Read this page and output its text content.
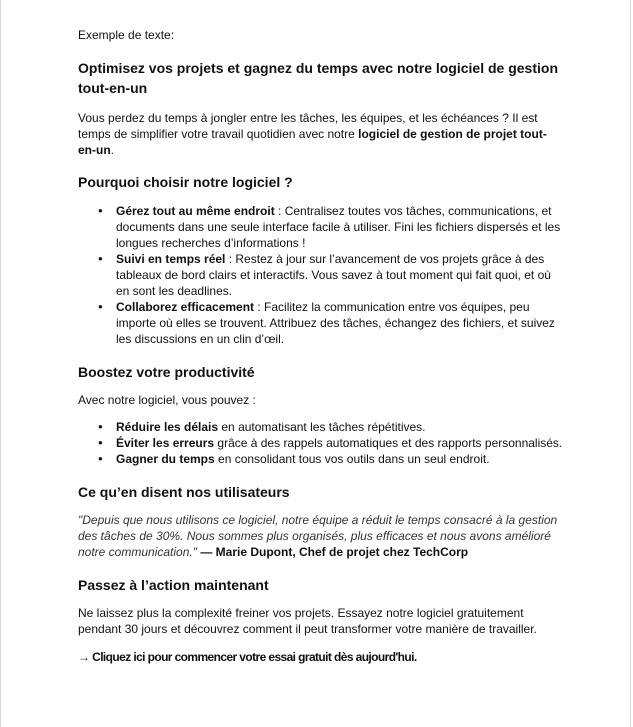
Exemple de texte:

Optimisez vos projets et gagnez du temps avec notre logiciel de gestion tout-en-un

Vous perdez du temps à jongler entre les tâches, les équipes, et les échéances ? Il est temps de simplifier votre travail quotidien avec notre logiciel de gestion de projet tout-en-un.

Pourquoi choisir notre logiciel ?
● Gérez tout au même endroit : Centralisez toutes vos tâches, communications, et documents dans une seule interface facile à utiliser. Fini les fichiers dispersés et les longues recherches d’informations !
● Suivi en temps réel : Restez à jour sur l’avancement de vos projets grâce à des tableaux de bord clairs et interactifs. Vous savez à tout moment qui fait quoi, et où en sont les deadlines.
● Collaborez efficacement : Facilitez la communication entre vos équipes, peu importe où elles se trouvent. Attribuez des tâches, échangez des fichiers, et suivez les discussions en un clin d’œil.
Boostez votre productivité

Avec notre logiciel, vous pouvez :

● Réduire les délais en automatisant les tâches répétitives.
● Éviter les erreurs grâce à des rappels automatiques et des rapports personnalisés.
● Gagner du temps en consolidant tous vos outils dans un seul endroit.
Ce qu’en disent nos utilisateurs

"Depuis que nous utilisons ce logiciel, notre équipe a réduit le temps consacré à la gestion des tâches de 30%. Nous sommes plus organisés, plus efficaces et nous avons amélioré notre communication." — Marie Dupont, Chef de projet chez TechCorp

Passez à l’action maintenant

Ne laissez plus la complexité freiner vos projets. Essayez notre logiciel gratuitement pendant 30 jours et découvrez comment il peut transformer votre manière de travailler.

→ Cliquez ici pour commencer votre essai gratuit dès aujourd'hui.
